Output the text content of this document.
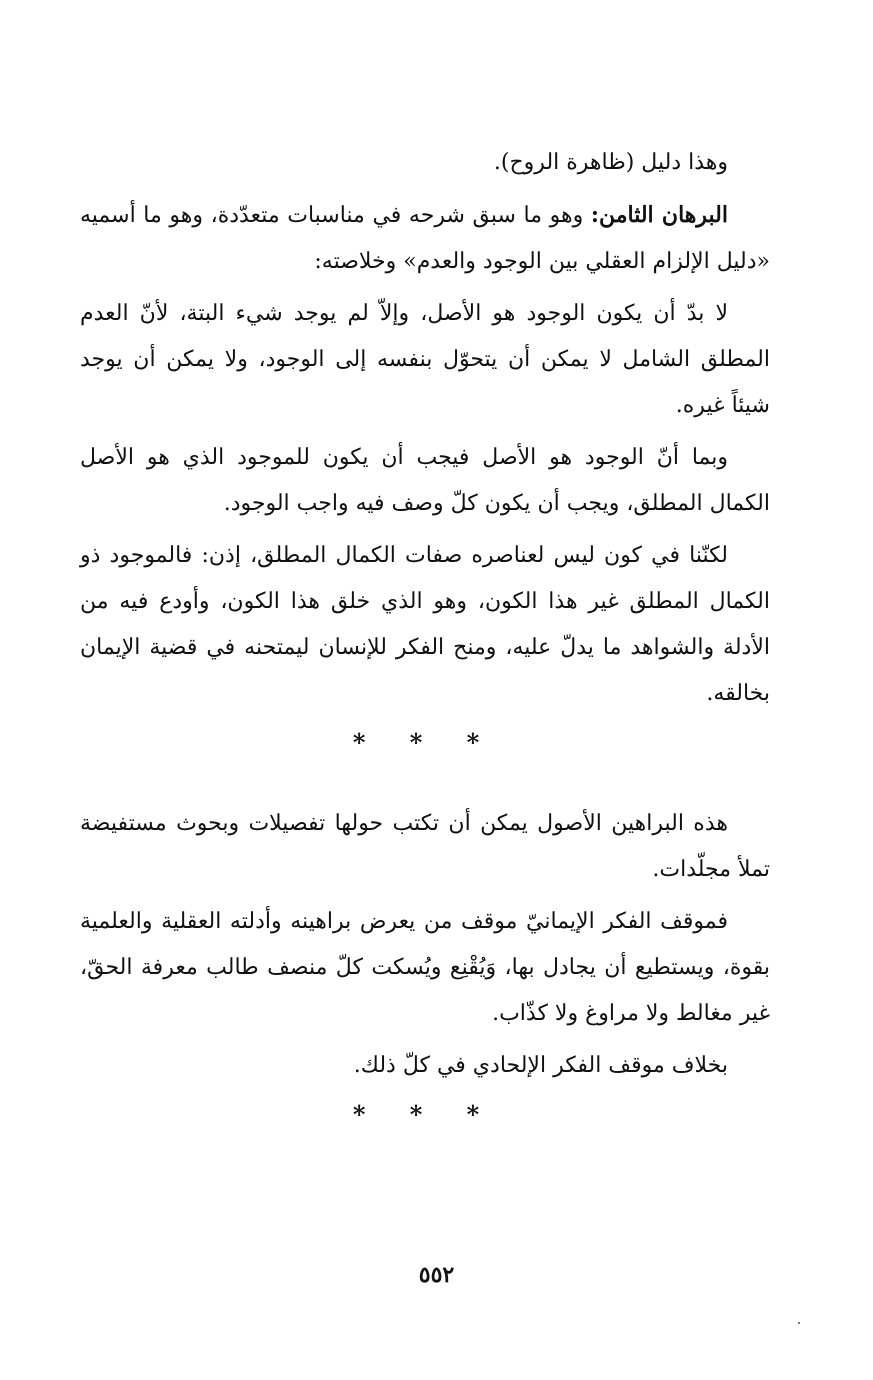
وهذا دليل (ظاهرة الروح).

البرهان الثامن: وهو ما سبق شرحه في مناسبات متعدّدة، وهو ما أسميه «دليل الإلزام العقلي بين الوجود والعدم» وخلاصته:

لا بدّ أن يكون الوجود هو الأصل، وإلاّ لم يوجد شيء البتة، لأنّ العدم المطلق الشامل لا يمكن أن يتحوّل بنفسه إلى الوجود، ولا يمكن أن يوجد شيئاً غيره.

وبما أنّ الوجود هو الأصل فيجب أن يكون للموجود الذي هو الأصل الكمال المطلق، ويجب أن يكون كلّ وصف فيه واجب الوجود.

لكنّنا في كون ليس لعناصره صفات الكمال المطلق، إذن: فالموجود ذو الكمال المطلق غير هذا الكون، وهو الذي خلق هذا الكون، وأودع فيه من الأدلة والشواهد ما يدلّ عليه، ومنح الفكر للإنسان ليمتحنه في قضية الإيمان بخالقه.

* * *

هذه البراهين الأصول يمكن أن تكتب حولها تفصيلات وبحوث مستفيضة تملأ مجلّدات.

فموقف الفكر الإيمانيّ موقف من يعرض براهينه وأدلته العقلية والعلمية بقوة، ويستطيع أن يجادل بها، وَيُقْنِع ويُسكت كلّ منصف طالب معرفة الحقّ، غير مغالط ولا مراوغ ولا كذّاب.

بخلاف موقف الفكر الإلحادي في كلّ ذلك.

* * *
٥٥٢
